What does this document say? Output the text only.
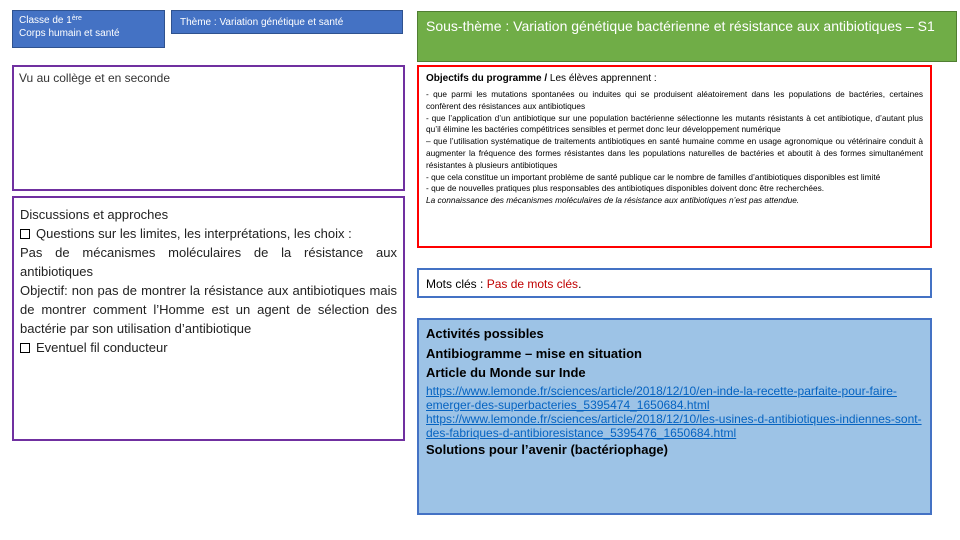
Classe de 1ère
Corps humain et santé
Thème : Variation génétique et santé	Sous-thème : Variation génétique bactérienne et résistance aux antibiotiques – S1
Vu au collège et en seconde	Objectifs du programme / Les élèves apprennent :

- que parmi les mutations spontanées ou induites qui se produisent aléatoirement dans les populations de bactéries, certaines confèrent des résistances aux antibiotiques

- que l’application d’un antibiotique sur une population bactérienne sélectionne les mutants résistants à cet antibiotique, d’autant plus qu’il élimine les bactéries compétitrices sensibles et permet donc leur développement numérique

– que l’utilisation systématique de traitements antibiotiques en santé humaine comme en usage agronomique ou vétérinaire conduit à augmenter la fréquence des formes résistantes dans les populations naturelles de bactéries et aboutit à des formes simultanément résistantes à plusieurs antibiotiques

- que cela constitue un important problème de santé publique car le nombre de familles d’antibiotiques disponibles est limité

- que de nouvelles pratiques plus responsables des antibiotiques disponibles doivent donc être recherchées.

La connaissance des mécanismes moléculaires de la résistance aux antibiotiques n’est pas attendue.

Discussions et approches

Questions sur les limites, les interprétations, les choix :

Pas de mécanismes moléculaires de la résistance aux antibiotiques

Objectif: non pas de montrer la résistance aux antibiotiques mais de montrer comment l’Homme est un agent de sélection des bactérie par son utilisation d’antibiotique

Eventuel fil conducteur

Mots clés : Pas de mots clés.
Activités possibles
Antibiogramme – mise en situation
Article du Monde sur Inde
https://www.lemonde.fr/sciences/article/2018/12/10/en-inde-la-recette-parfaite-pour-faire-emerger-des-superbacteries_5395474_1650684.html
https://www.lemonde.fr/sciences/article/2018/12/10/les-usines-d-antibiotiques-indiennes-sont-des-fabriques-d-antibioresistance_5395476_1650684.html
Solutions pour l’avenir (bactériophage)
